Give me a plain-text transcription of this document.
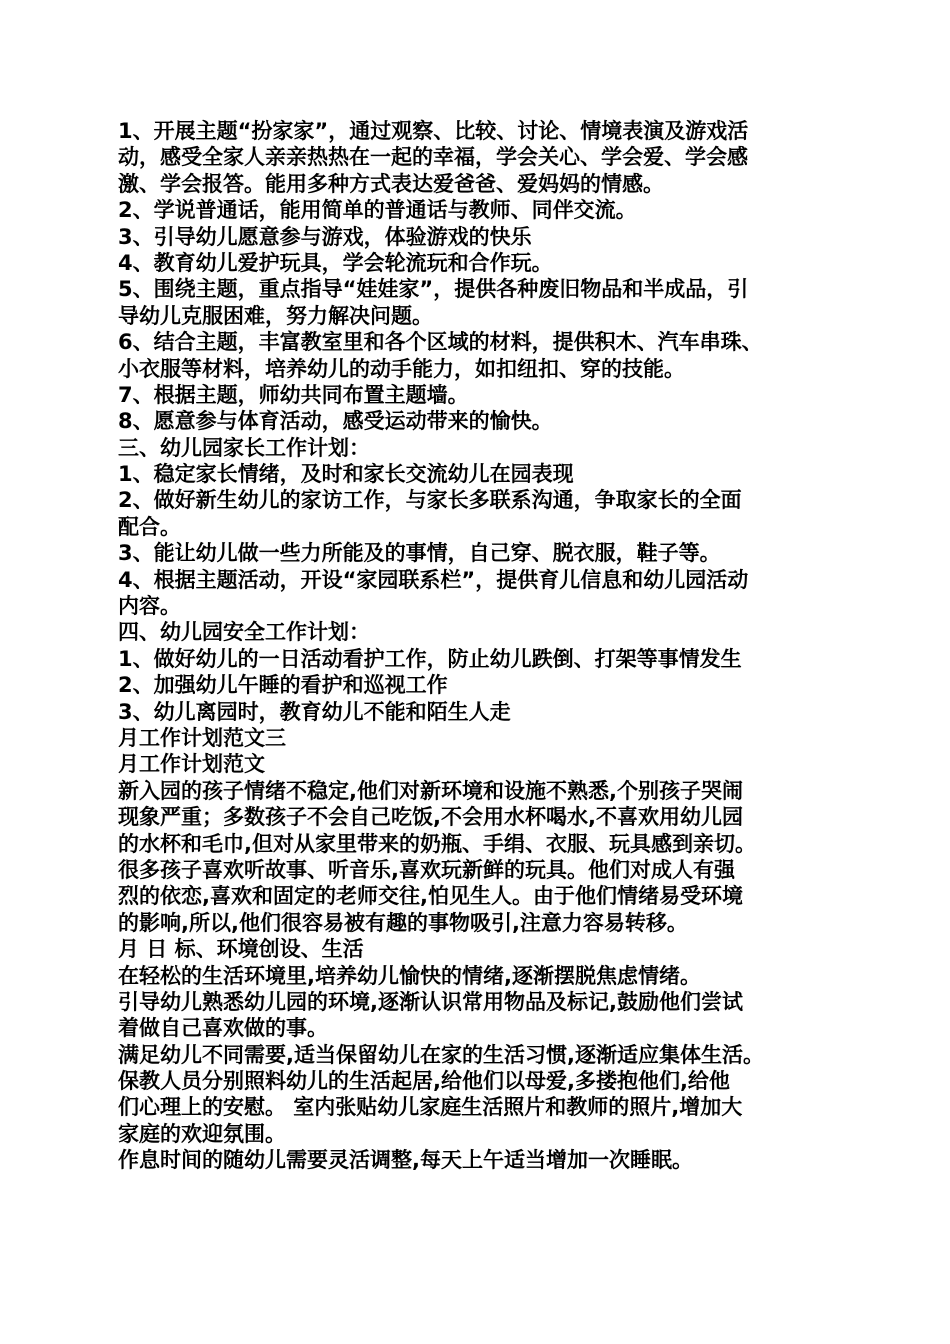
1、开展主题“扮家家”，通过观察、比较、讨论、情境表演及游戏活
动，感受全家人亲亲热热在一起的幸福，学会关心、学会爱、学会感
激、学会报答。能用多种方式表达爱爸爸、爱妈妈的情感。
2、学说普通话，能用简单的普通话与教师、同伴交流。
3、引导幼儿愿意参与游戏，体验游戏的快乐
4、教育幼儿爱护玩具，学会轮流玩和合作玩。
5、围绕主题，重点指导“娃娃家”，提供各种废旧物品和半成品，引
导幼儿克服困难，努力解决问题。
6、结合主题，丰富教室里和各个区域的材料，提供积木、汽车串珠、
小衣服等材料，培养幼儿的动手能力，如扣纽扣、穿的技能。
7、根据主题，师幼共同布置主题墙。
8、愿意参与体育活动，感受运动带来的愉快。
三、幼儿园家长工作计划：
1、稳定家长情绪，及时和家长交流幼儿在园表现
2、做好新生幼儿的家访工作，与家长多联系沟通，争取家长的全面
配合。
3、能让幼儿做一些力所能及的事情，自己穿、脱衣服，鞋子等。
4、根据主题活动，开设“家园联系栏”，提供育儿信息和幼儿园活动
内容。
四、幼儿园安全工作计划：
1、做好幼儿的一日活动看护工作，防止幼儿跌倒、打架等事情发生
2、加强幼儿午睡的看护和巡视工作
3、幼儿离园时，教育幼儿不能和陌生人走
月工作计划范文三
月工作计划范文
新入园的孩子情绪不稳定,他们对新环境和设施不熟悉,个别孩子哭闹
现象严重；多数孩子不会自己吃饭,不会用水杯喝水,不喜欢用幼儿园
的水杯和毛巾,但对从家里带来的奶瓶、手绢、衣服、玩具感到亲切。
很多孩子喜欢听故事、听音乐,喜欢玩新鲜的玩具。他们对成人有强
烈的依恋,喜欢和固定的老师交往,怕见生人。由于他们情绪易受环境
的影响,所以,他们很容易被有趣的事物吸引,注意力容易转移。
月 日 标、环境创设、生活
在轻松的生活环境里,培养幼儿愉快的情绪,逐渐摆脱焦虑情绪。
引导幼儿熟悉幼儿园的环境,逐渐认识常用物品及标记,鼓励他们尝试
着做自己喜欢做的事。
满足幼儿不同需要,适当保留幼儿在家的生活习惯,逐渐适应集体生活。
保教人员分别照料幼儿的生活起居,给他们以母爱,多搂抱他们,给他
们心理上的安慰。 室内张贴幼儿家庭生活照片和教师的照片,增加大
家庭的欢迎氛围。
作息时间的随幼儿需要灵活调整,每天上午适当增加一次睡眠。
